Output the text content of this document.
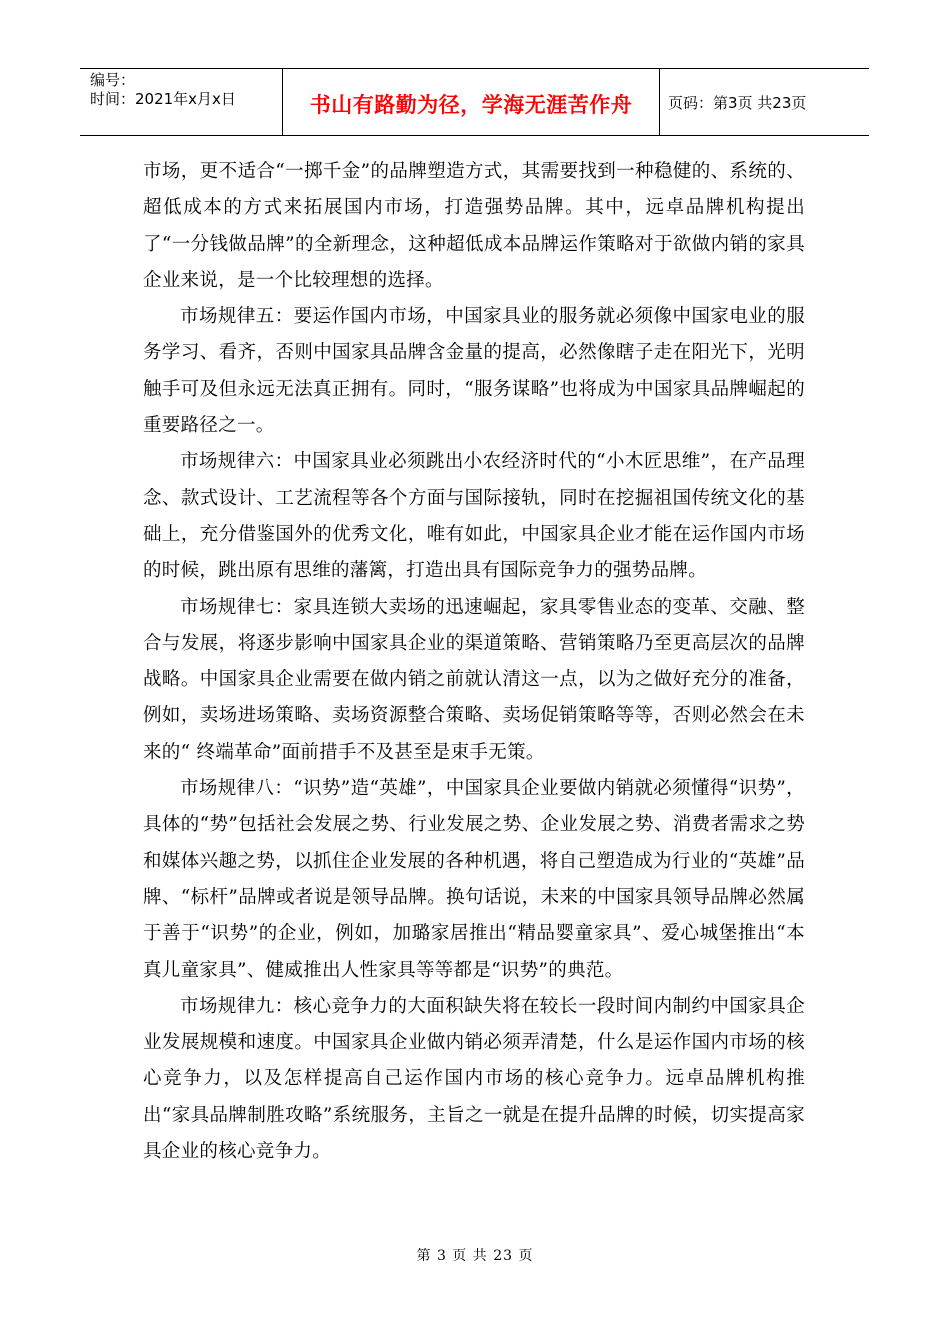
编号：
时间：2021年x月x日	书山有路勤为径，学海无涯苦作舟 页码：第3页 共23页

市场，更不适合“一掷千金”的品牌塑造方式，其需要找到一种稳健的、系统的、超低成本的方式来拓展国内市场，打造强势品牌。其中，远卓品牌机构提出了“一分钱做品牌”的全新理念，这种超低成本品牌运作策略对于欲做内销的家具企业来说，是一个比较理想的选择。

市场规律五：要运作国内市场，中国家具业的服务就必须像中国家电业的服务学习、看齐，否则中国家具品牌含金量的提高，必然像瞎子走在阳光下，光明触手可及但永远无法真正拥有。同时，“服务谋略”也将成为中国家具品牌崛起的重要路径之一。

市场规律六：中国家具业必须跳出小农经济时代的“小木匠思维”，在产品理念、款式设计、工艺流程等各个方面与国际接轨，同时在挖掘祖国传统文化的基础上，充分借鉴国外的优秀文化，唯有如此，中国家具企业才能在运作国内市场的时候，跳出原有思维的藩篱，打造出具有国际竞争力的强势品牌。

市场规律七：家具连锁大卖场的迅速崛起，家具零售业态的变革、交融、整合与发展，将逐步影响中国家具企业的渠道策略、营销策略乃至更高层次的品牌战略。中国家具企业需要在做内销之前就认清这一点，以为之做好充分的准备，例如，卖场进场策略、卖场资源整合策略、卖场促销策略等等，否则必然会在未来的“ 终端革命”面前措手不及甚至是束手无策。

市场规律八：“识势”造“英雄”，中国家具企业要做内销就必须懂得“识势”，具体的“势”包括社会发展之势、行业发展之势、企业发展之势、消费者需求之势和媒体兴趣之势，以抓住企业发展的各种机遇，将自己塑造成为行业的“英雄”品牌、“标杆”品牌或者说是领导品牌。换句话说，未来的中国家具领导品牌必然属于善于“识势”的企业，例如，加璐家居推出“精品婴童家具”、爱心城堡推出“本真儿童家具”、健威推出人性家具等等都是“识势”的典范。

市场规律九：核心竞争力的大面积缺失将在较长一段时间内制约中国家具企业发展规模和速度。中国家具企业做内销必须弄清楚，什么是运作国内市场的核心竞争力，以及怎样提高自己运作国内市场的核心竞争力。远卓品牌机构推出“家具品牌制胜攻略”系统服务，主旨之一就是在提升品牌的时候，切实提高家具企业的核心竞争力。

第 3 页 共 23 页
